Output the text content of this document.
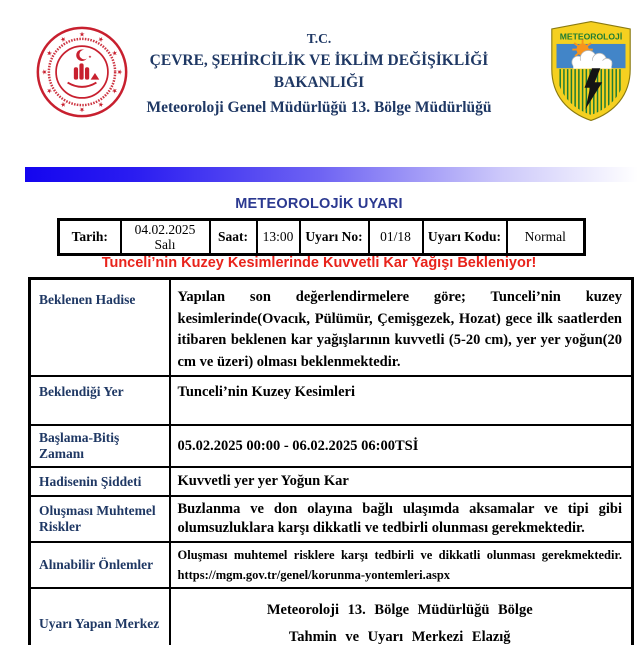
★
★
★
★
★
★
★
★
★
★
★
★
★
T.C.
ÇEVRE, ŞEHİRCİLİK VE İKLİM DEĞİŞİKLİĞİ
BAKANLIĞI
Meteoroloji Genel Müdürlüğü 13. Bölge Müdürlüğü
METEOROLOJİ
METEOROLOJİK UYARI
Tarih:	04.02.2025
Salı
	Saat:	13:00	Uyarı No:	01/18	Uyarı Kodu:	Normal
Tunceli’nin Kuzey Kesimlerinde Kuvvetli Kar Yağışı Bekleniyor!
Beklenen Hadise	Yapılan son değerlendirmelere göre; Tunceli’nin kuzey kesimlerinde(Ovacık, Pülümür, Çemişgezek, Hozat) gece ilk saatlerden itibaren beklenen kar yağışlarının kuvvetli (5-20 cm), yer yer yoğun(20 cm ve üzeri) olması beklenmektedir.
Beklendiği Yer	Tunceli’nin Kuzey Kesimleri
Başlama-Bitiş Zamanı	05.02.2025 00:00 - 06.02.2025 06:00TSİ
Hadisenin Şiddeti	Kuvvetli yer yer Yoğun Kar
Oluşması Muhtemel Riskler	Buzlanma ve don olayına bağlı ulaşımda aksamalar ve tipi gibi olumsuzluklara karşı dikkatli ve tedbirli olunması gerekmektedir.
Alınabilir Önlemler	Oluşması muhtemel risklere karşı tedbirli ve dikkatli olunması gerekmektedir.
https://mgm.gov.tr/genel/korunma-yontemleri.aspx

Uyarı Yapan Merkez	Meteoroloji 13. Bölge Müdürlüğü Bölge
Tahmin ve Uyarı Merkezi Elazığ
